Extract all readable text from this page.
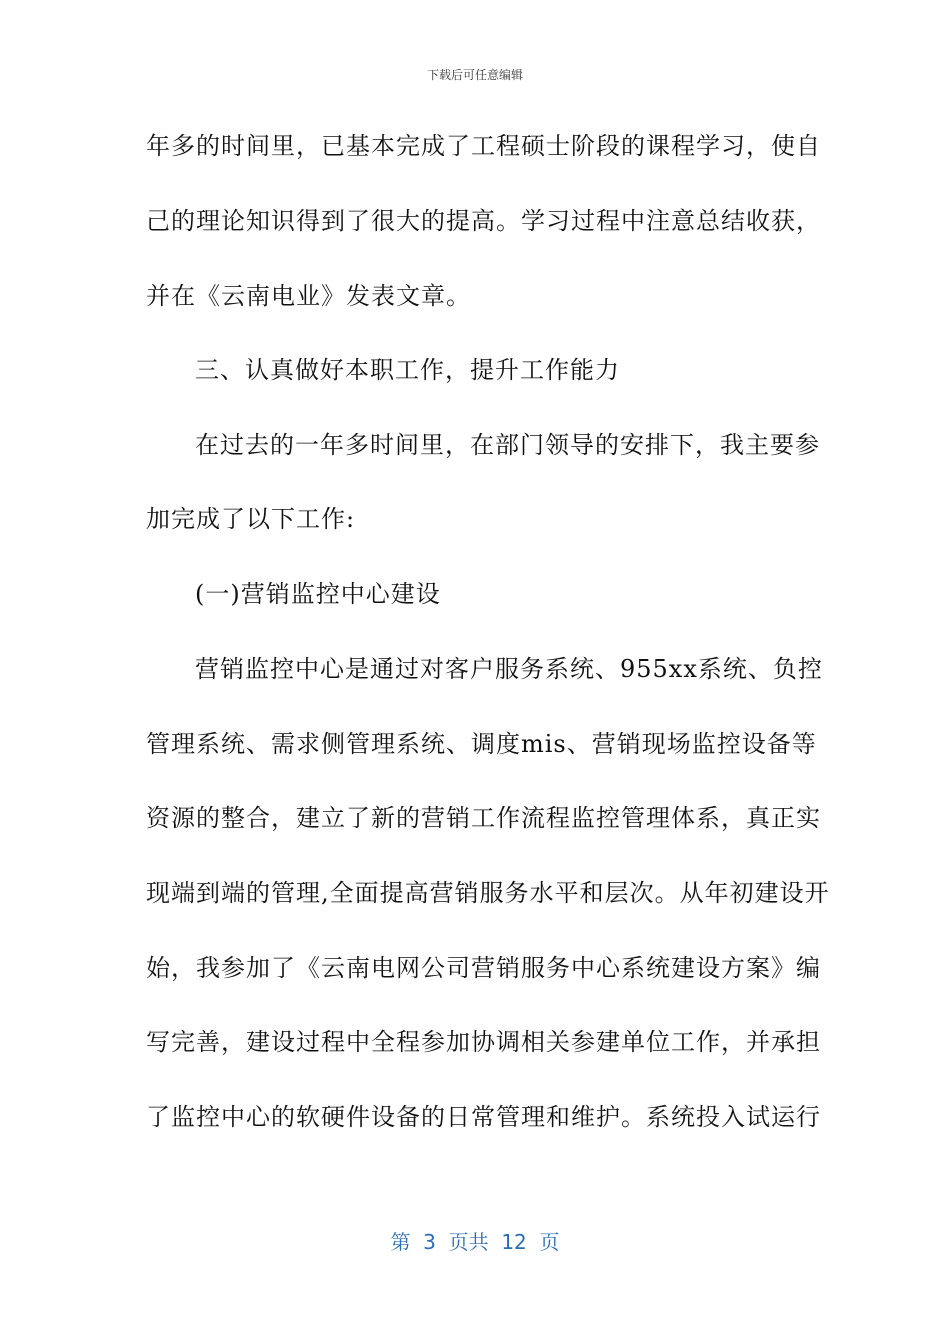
下载后可任意编辑
年多的时间里，已基本完成了工程硕士阶段的课程学习，使自
己的理论知识得到了很大的提高。学习过程中注意总结收获，
并在《云南电业》发表文章。
三、认真做好本职工作，提升工作能力
在过去的一年多时间里，在部门领导的安排下，我主要参
加完成了以下工作:
(一)营销监控中心建设
营销监控中心是通过对客户服务系统、955xx系统、负控
管理系统、需求侧管理系统、调度mis、营销现场监控设备等
资源的整合，建立了新的营销工作流程监控管理体系，真正实
现端到端的管理,全面提高营销服务水平和层次。从年初建设开
始，我参加了《云南电网公司营销服务中心系统建设方案》编
写完善，建设过程中全程参加协调相关参建单位工作，并承担
了监控中心的软硬件设备的日常管理和维护。系统投入试运行
第  3  页共  12  页
